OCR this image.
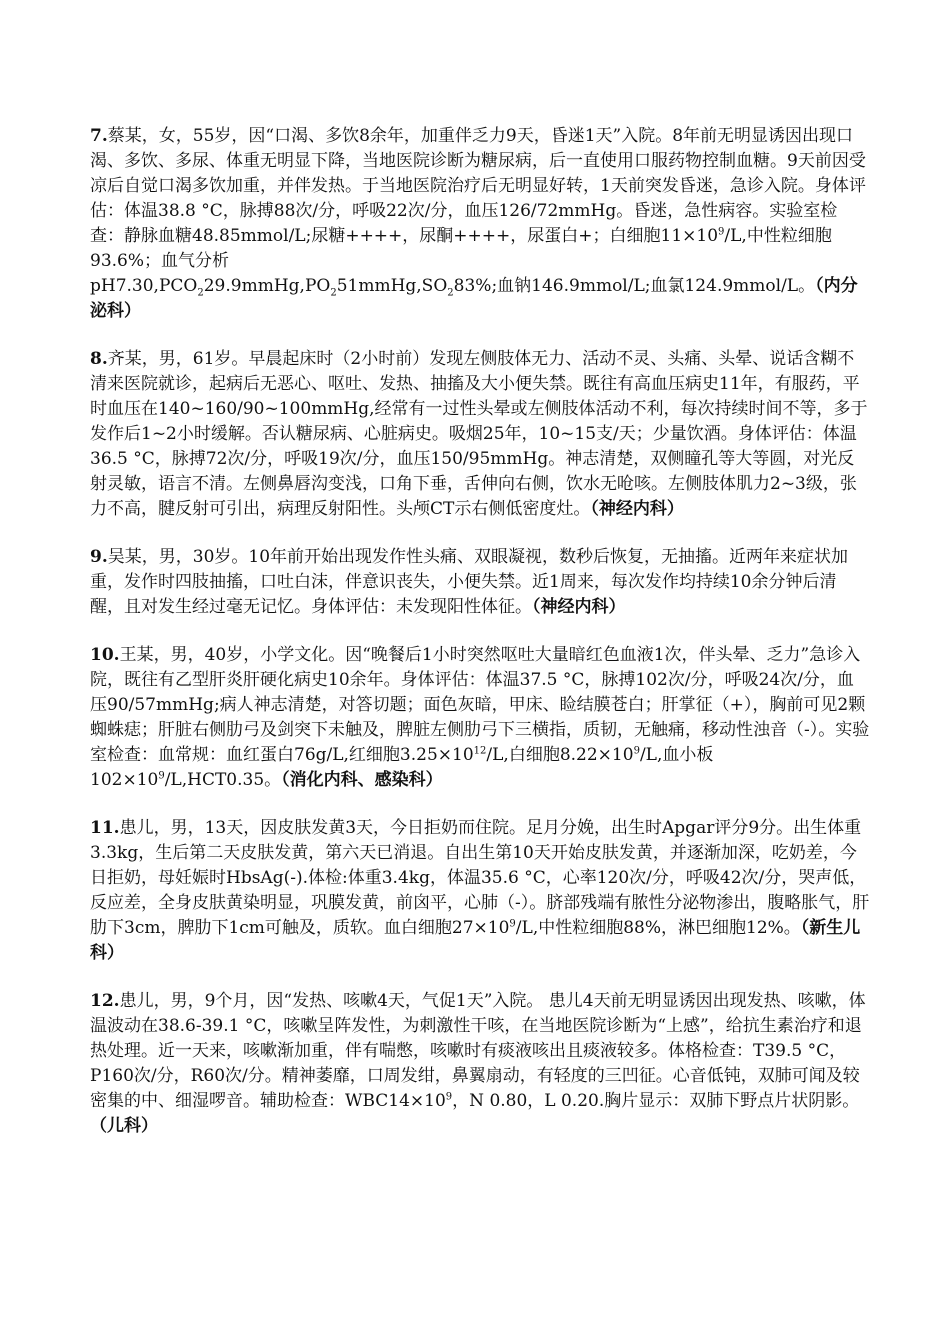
7.蔡某，女，55岁，因“口渴、多饮8余年，加重伴乏力9天，昏迷1天”入院。8年前无明显诱因出现口渴、多饮、多尿、体重无明显下降，当地医院诊断为糖尿病，后一直使用口服药物控制血糖。9天前因受凉后自觉口渴多饮加重，并伴发热。于当地医院治疗后无明显好转，1天前突发昏迷，急诊入院。身体评估：体温38.8 °C，脉搏88次/分，呼吸22次/分，血压126/72mmHg。昏迷，急性病容。实验室检查：静脉血糖48.85mmol/L;尿糖++++，尿酮++++，尿蛋白+；白细胞$11\times 10^9/L$,中性粒细胞93.6%；血气分析
$pH7.30,PCO_229.9mmHg,PO_251mmHg,SO_283\%$;血钠146.9mmol/L;血氯124.9mmol/L。（内分泌科）

8.齐某，男，61岁。早晨起床时（2小时前）发现左侧肢体无力、活动不灵、头痛、头晕、说话含糊不清来医院就诊，起病后无恶心、呕吐、发热、抽搐及大小便失禁。既往有高血压病史11年，有服药，平时血压在140~160/90~100mmHg,经常有一过性头晕或左侧肢体活动不利，每次持续时间不等，多于发作后1~2小时缓解。否认糖尿病、心脏病史。吸烟25年，10~15支/天；少量饮酒。身体评估：体温36.5 °C，脉搏72次/分，呼吸19次/分，血压150/95mmHg。神志清楚，双侧瞳孔等大等圆，对光反射灵敏，语言不清。左侧鼻唇沟变浅，口角下垂，舌伸向右侧，饮水无呛咳。左侧肢体肌力2~3级，张力不高，腱反射可引出，病理反射阳性。头颅CT示右侧低密度灶。（神经内科）

9.吴某，男，30岁。10年前开始出现发作性头痛、双眼凝视，数秒后恢复，无抽搐。近两年来症状加重，发作时四肢抽搐，口吐白沫，伴意识丧失，小便失禁。近1周来，每次发作均持续10余分钟后清醒，且对发生经过毫无记忆。身体评估：未发现阳性体征。（神经内科）

10.王某，男，40岁，小学文化。因“晚餐后1小时突然呕吐大量暗红色血液1次，伴头晕、乏力”急诊入院，既往有乙型肝炎肝硬化病史10余年。身体评估：体温37.5 °C，脉搏102次/分，呼吸24次/分，血压90/57mmHg;病人神志清楚，对答切题；面色灰暗，甲床、睑结膜苍白；肝掌征（+），胸前可见2颗蜘蛛痣；肝脏右侧肋弓及剑突下未触及，脾脏左侧肋弓下三横指，质韧，无触痛，移动性浊音（-）。实验室检查：血常规：血红蛋白76g/L,红细胞$3.25\times 10^{12}/L$,白细胞$8.22\times 10^9/L$,血小板$102\times 10^9/L,HCT0.35$。（消化内科、感染科）

11.患儿，男，13天，因皮肤发黄3天，今日拒奶而住院。足月分娩，出生时Apgar评分9分。出生体重3.3kg，生后第二天皮肤发黄，第六天已消退。自出生第10天开始皮肤发黄，并逐渐加深，吃奶差，今日拒奶，母妊娠时HbsAg(-).体检:体重3.4kg，体温35.6 °C，心率120次/分，呼吸42次/分，哭声低，反应差，全身皮肤黄染明显，巩膜发黄，前囟平，心肺（-）。脐部残端有脓性分泌物渗出，腹略胀气，肝肋下3cm，脾肋下1cm可触及，质软。血白细胞$27\times 10^9/L$,中性粒细胞88%，淋巴细胞12%。（新生儿科）

12.患儿，男，9个月，因“发热、咳嗽4天，气促1天”入院。 患儿4天前无明显诱因出现发热、咳嗽，体温波动在38.6-39.1 °C，咳嗽呈阵发性，为刺激性干咳，在当地医院诊断为“上感”，给抗生素治疗和退热处理。近一天来，咳嗽渐加重，伴有喘憋，咳嗽时有痰液咳出且痰液较多。体格检查：T39.5 °C，P160次/分，R60次/分。精神萎靡，口周发绀，鼻翼扇动，有轻度的三凹征。心音低钝，双肺可闻及较密集的中、细湿啰音。辅助检查：$WBC14\times 10^9$，N 0.80，L 0.20.胸片显示：双肺下野点片状阴影。（儿科）
